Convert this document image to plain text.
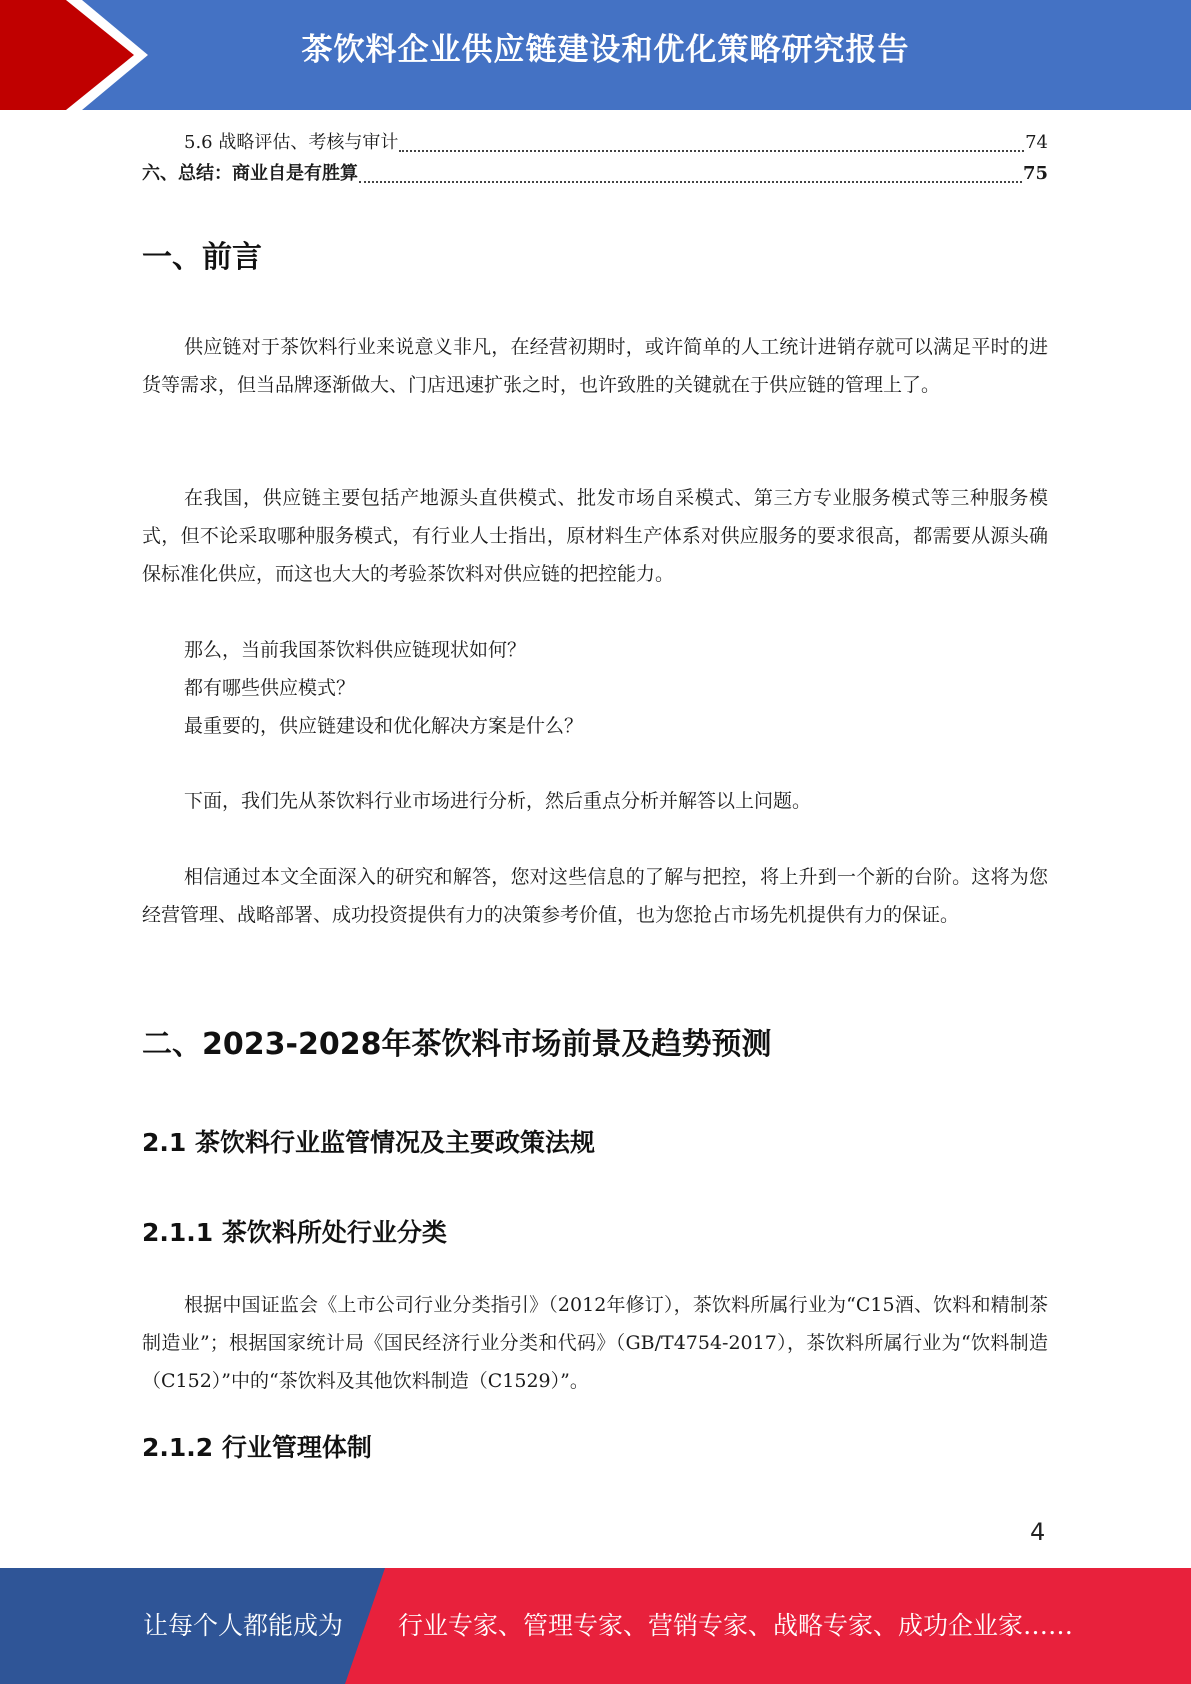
茶饮料企业供应链建设和优化策略研究报告
5.6 战略评估、考核与审计	74
六、总结：商业自是有胜算	75
一、前言

供应链对于茶饮料行业来说意义非凡，在经营初期时，或许简单的人工统计进销存就可以满足平时的进货等需求，但当品牌逐渐做大、门店迅速扩张之时，也许致胜的关键就在于供应链的管理上了。

在我国，供应链主要包括产地源头直供模式、批发市场自采模式、第三方专业服务模式等三种服务模式，但不论采取哪种服务模式，有行业人士指出，原材料生产体系对供应服务的要求很高，都需要从源头确保标准化供应，而这也大大的考验茶饮料对供应链的把控能力。

那么，当前我国茶饮料供应链现状如何？

都有哪些供应模式？

最重要的，供应链建设和优化解决方案是什么？

下面，我们先从茶饮料行业市场进行分析，然后重点分析并解答以上问题。

相信通过本文全面深入的研究和解答，您对这些信息的了解与把控，将上升到一个新的台阶。这将为您经营管理、战略部署、成功投资提供有力的决策参考价值，也为您抢占市场先机提供有力的保证。

二、2023-2028年茶饮料市场前景及趋势预测
2.1 茶饮料行业监管情况及主要政策法规
2.1.1 茶饮料所处行业分类

根据中国证监会《上市公司行业分类指引》（2012年修订），茶饮料所属行业为“C15酒、饮料和精制茶制造业”；根据国家统计局《国民经济行业分类和代码》（GB/T4754-2017），茶饮料所属行业为“饮料制造（C152）”中的“茶饮料及其他饮料制造（C1529）”。

2.1.2 行业管理体制
4
让每个人都能成为 行业专家、管理专家、营销专家、战略专家、成功企业家……
